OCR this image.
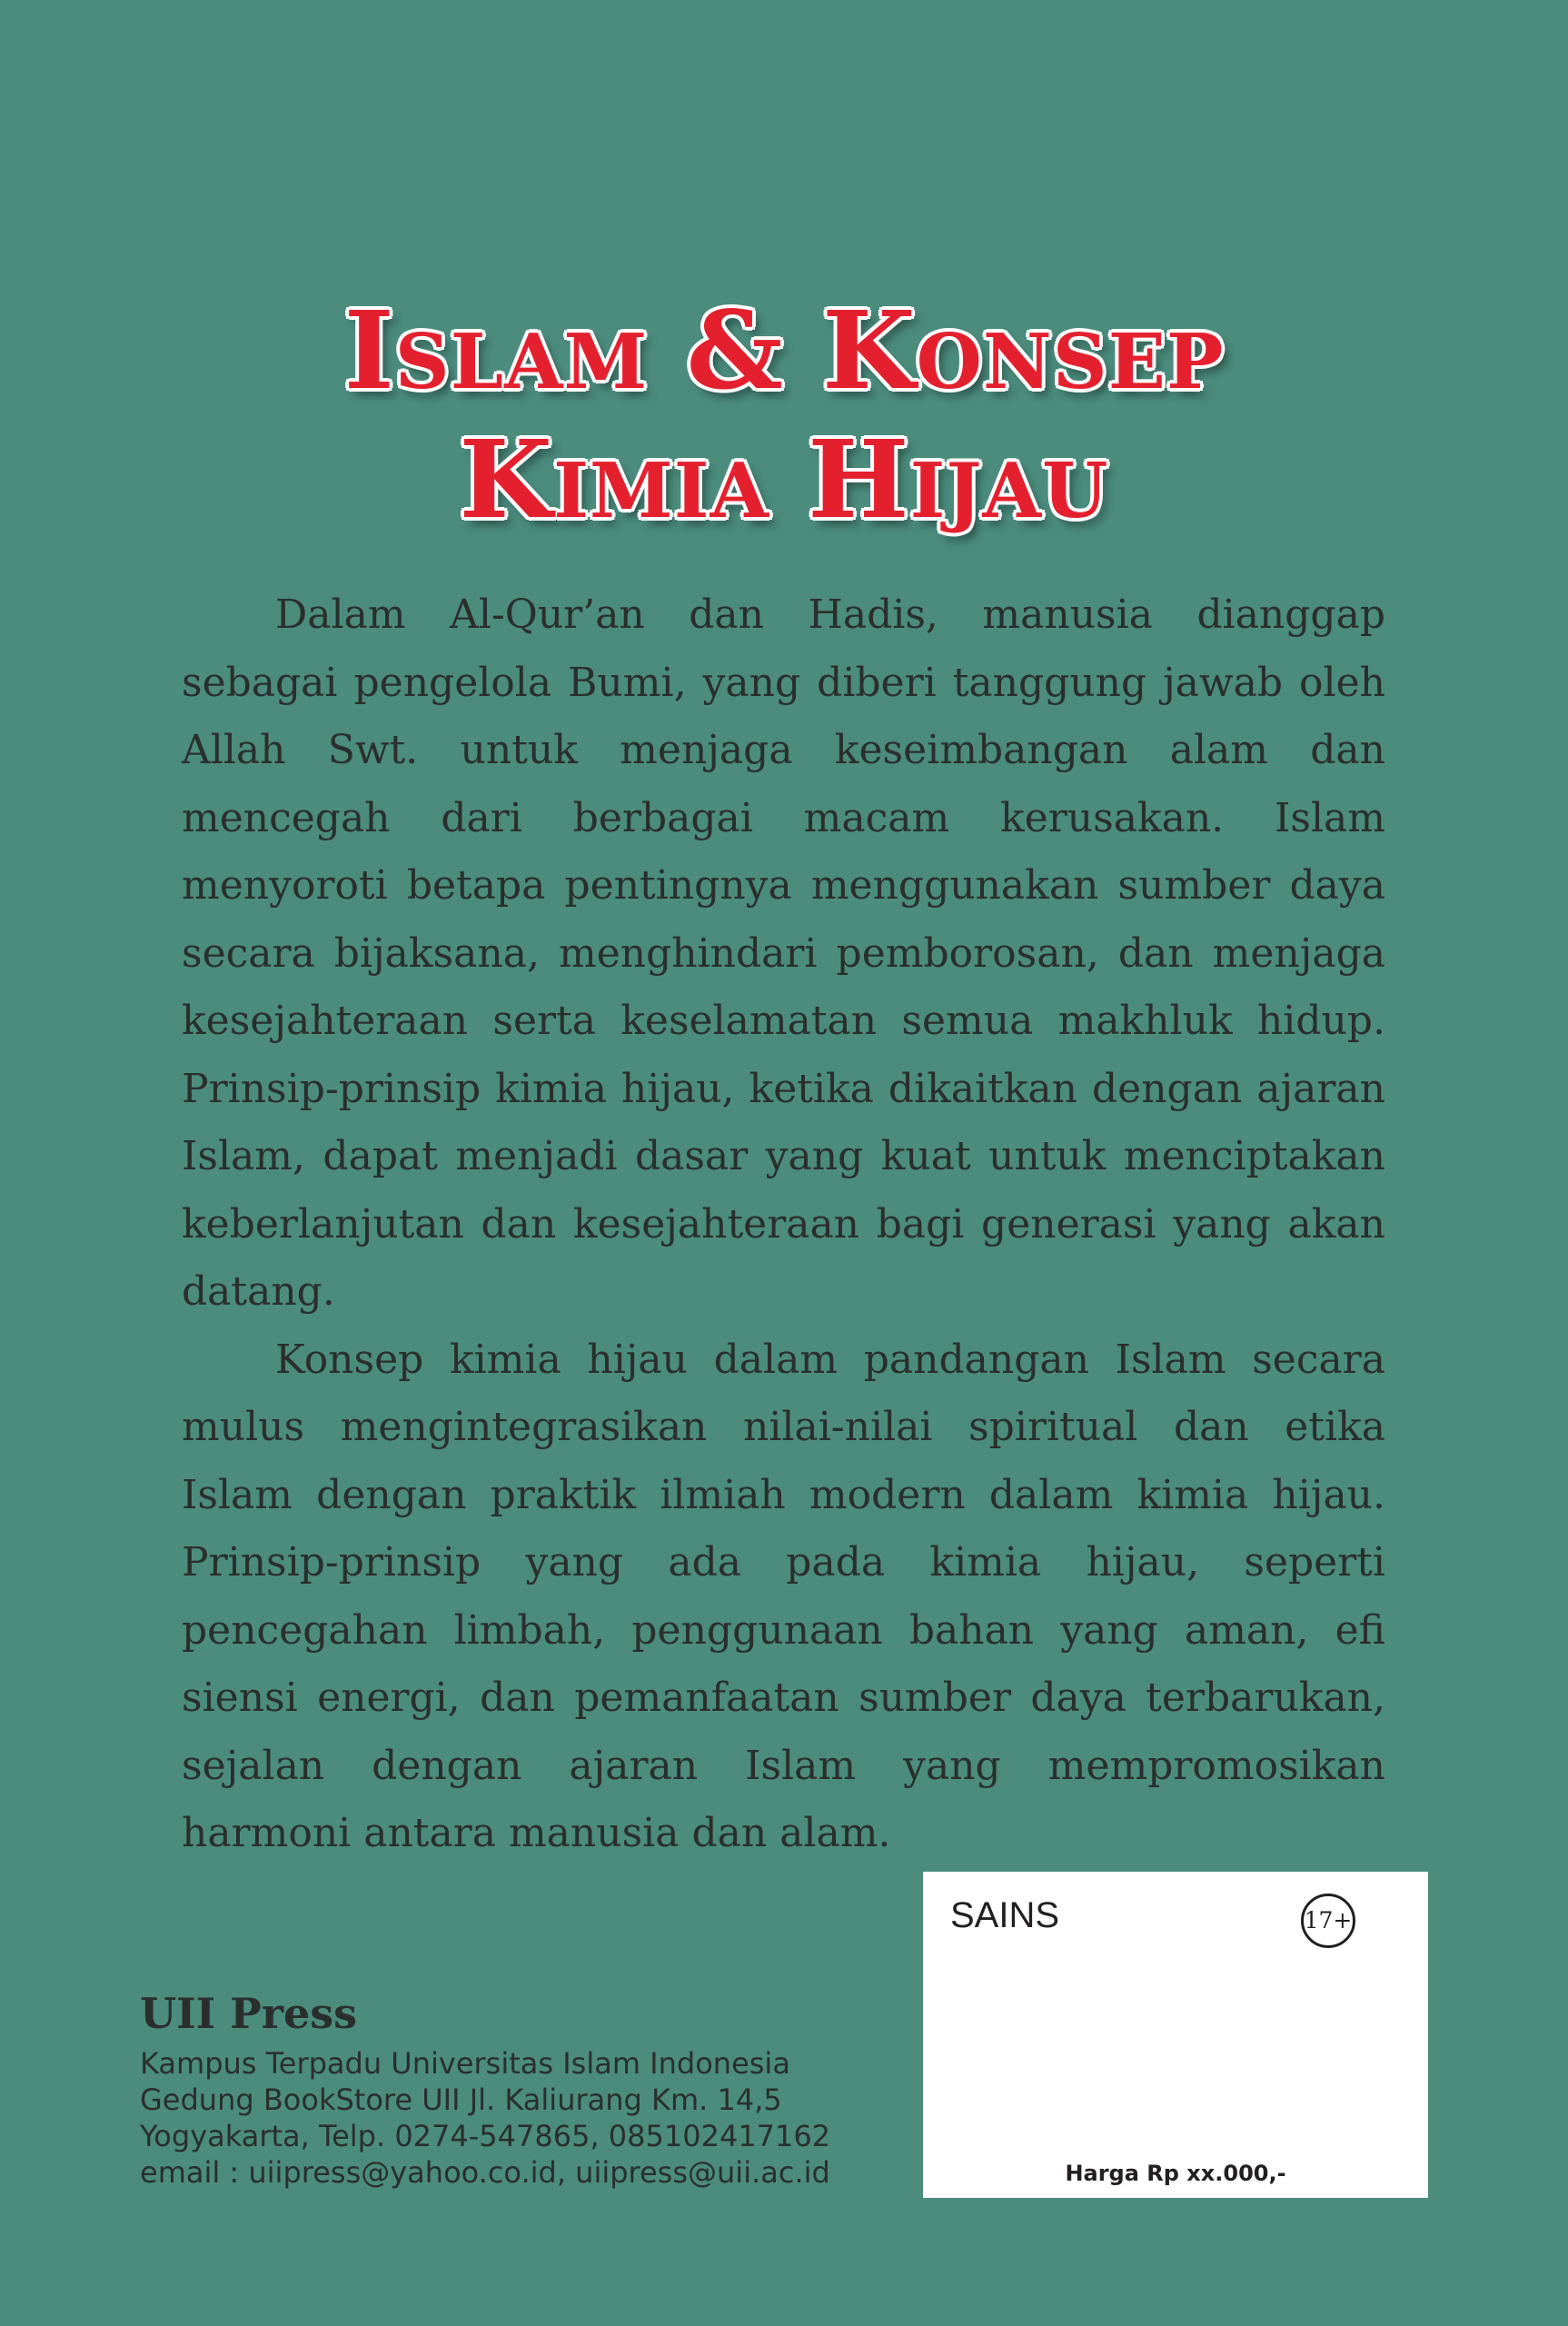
Islam & Konsep
Kimia Hijau

Dalam Al-Qur’an dan Hadis, manusia dianggap sebagai pengelola Bumi, yang diberi tanggung jawab oleh Allah Swt. untuk menjaga keseimbangan alam dan mencegah dari berbagai macam kerusakan. Islam menyoroti betapa pentingnya menggunakan sumber daya secara bijaksana, menghindari pemborosan, dan menjaga kesejahteraan serta keselamatan semua makhluk hidup. Prinsip-prinsip kimia hijau, ketika dikaitkan dengan ajaran Islam, dapat menjadi dasar yang kuat untuk menciptakan keberlanjutan dan kesejahteraan bagi generasi yang akan datang.

Konsep kimia hijau dalam pandangan Islam secara mulus mengintegrasikan nilai-nilai spiritual dan etika Islam dengan praktik ilmiah modern dalam kimia hijau. Prinsip-prinsip yang ada pada kimia hijau, seperti pencegahan limbah, penggunaan bahan yang aman, efi siensi energi, dan pemanfaatan sumber daya terbarukan, sejalan dengan ajaran Islam yang mempromosikan harmoni antara manusia dan alam.

UII Press
Kampus Terpadu Universitas Islam Indonesia
Gedung BookStore UII Jl. Kaliurang Km. 14,5
Yogyakarta, Telp. 0274-547865, 085102417162
email : uiipress@yahoo.co.id, uiipress@uii.ac.id
SAINS	17+
Harga Rp xx.000,-
